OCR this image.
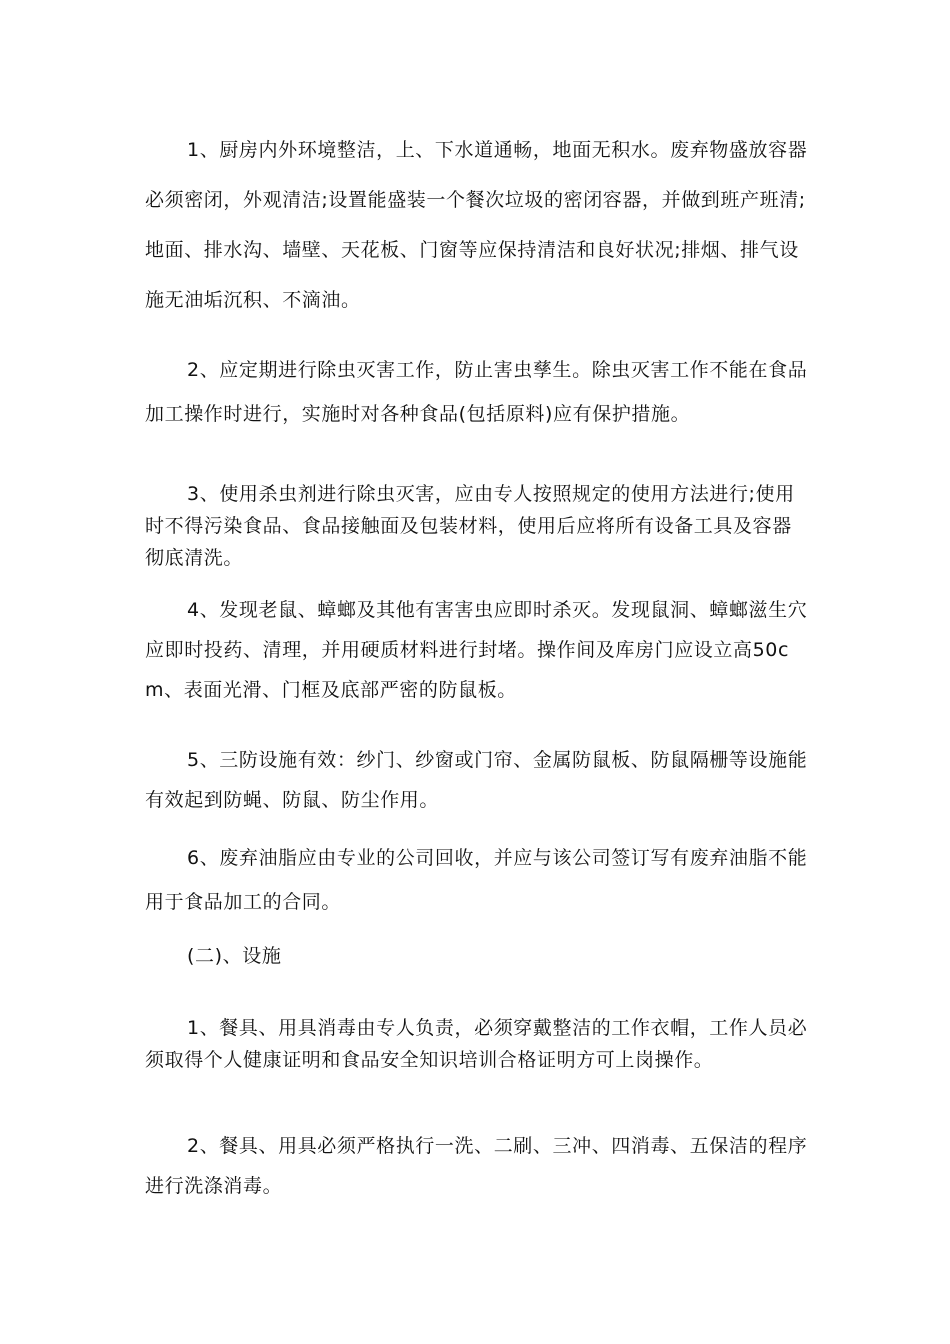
1、厨房内外环境整洁，上、下水道通畅，地面无积水。废弃物盛放容器必须密闭，外观清洁;设置能盛装一个餐次垃圾的密闭容器，并做到班产班清;地面、排水沟、墙壁、天花板、门窗等应保持清洁和良好状况;排烟、排气设施无油垢沉积、不滴油。

2、应定期进行除虫灭害工作，防止害虫孳生。除虫灭害工作不能在食品加工操作时进行，实施时对各种食品(包括原料)应有保护措施。

3、使用杀虫剂进行除虫灭害，应由专人按照规定的使用方法进行;使用时不得污染食品、食品接触面及包装材料，使用后应将所有设备工具及容器彻底清洗。

4、发现老鼠、蟑螂及其他有害害虫应即时杀灭。发现鼠洞、蟑螂滋生穴应即时投药、清理，并用硬质材料进行封堵。操作间及库房门应设立高50cm、表面光滑、门框及底部严密的防鼠板。

5、三防设施有效：纱门、纱窗或门帘、金属防鼠板、防鼠隔栅等设施能有效起到防蝇、防鼠、防尘作用。

6、废弃油脂应由专业的公司回收，并应与该公司签订写有废弃油脂不能用于食品加工的合同。

(二)、设施

1、餐具、用具消毒由专人负责，必须穿戴整洁的工作衣帽，工作人员必须取得个人健康证明和食品安全知识培训合格证明方可上岗操作。

2、餐具、用具必须严格执行一洗、二刷、三冲、四消毒、五保洁的程序进行洗涤消毒。
